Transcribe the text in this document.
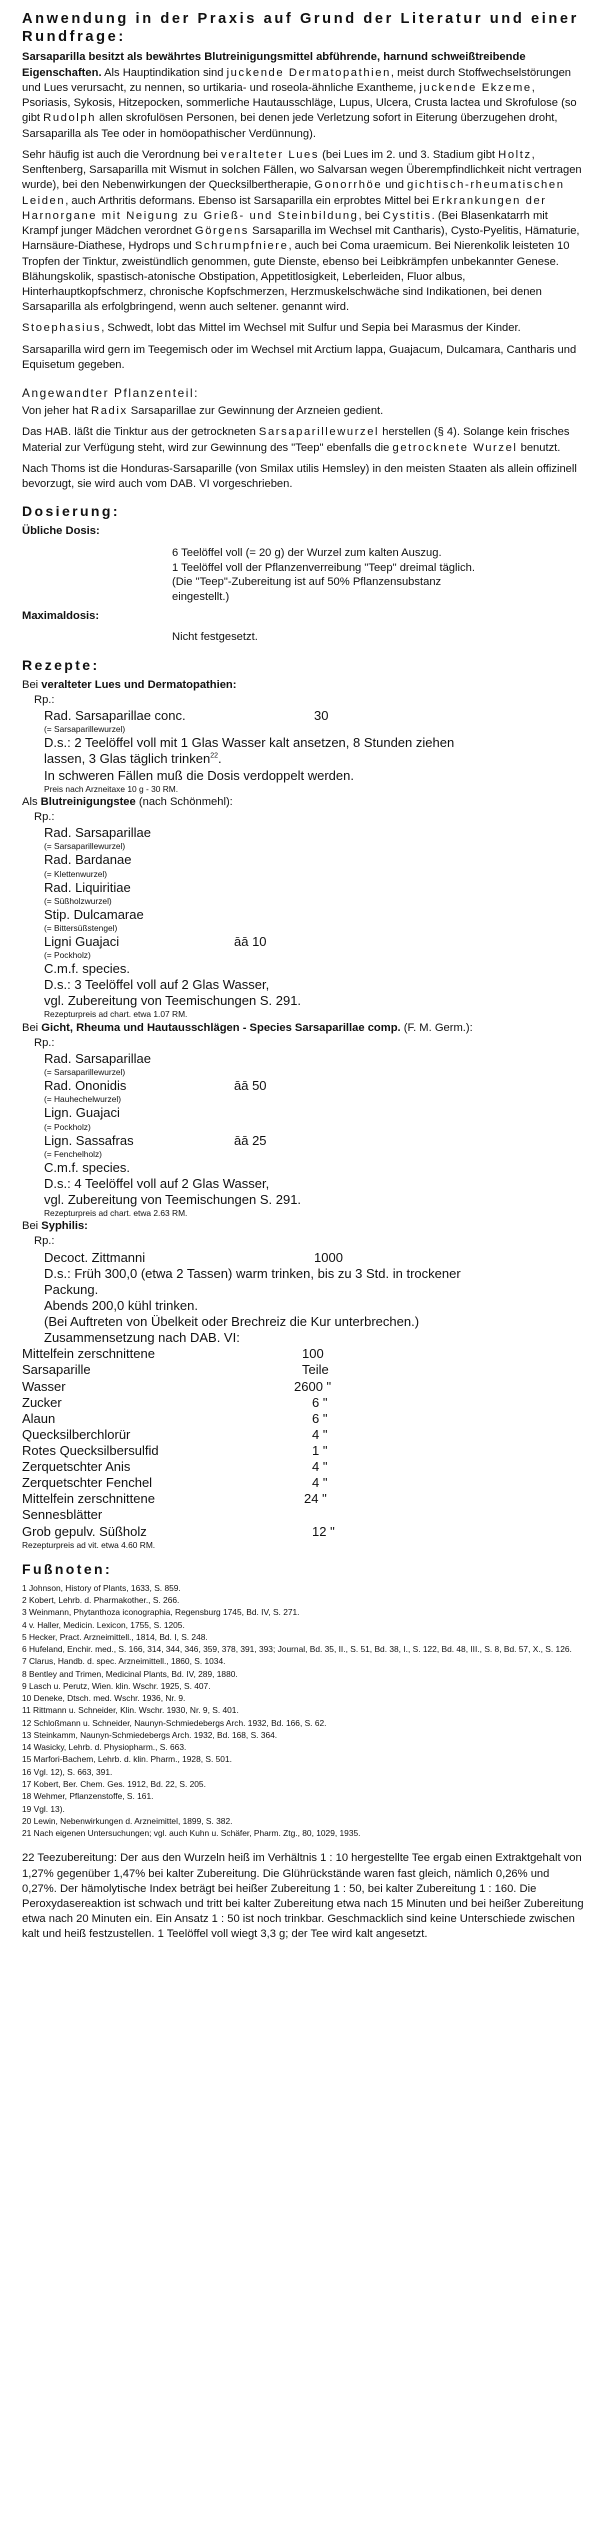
Anwendung in der Praxis auf Grund der Literatur und einer Rundfrage:

Sarsaparilla besitzt als bewährtes Blutreinigungsmittel abführende, harnund schweißtreibende Eigenschaften. Als Hauptindikation sind juckende Dermatopathien, meist durch Stoffwechselstörungen und Lues verursacht, zu nennen, so urtikaria- und roseola-ähnliche Exantheme, juckende Ekzeme, Psoriasis, Sykosis, Hitzepocken, sommerliche Hautausschläge, Lupus, Ulcera, Crusta lactea und Skrofulose (so gibt Rudolph allen skrofulösen Personen, bei denen jede Verletzung sofort in Eiterung überzugehen droht, Sarsaparilla als Tee oder in homöopathischer Verdünnung).

Sehr häufig ist auch die Verordnung bei veralteter Lues (bei Lues im 2. und 3. Stadium gibt Holtz, Senftenberg, Sarsaparilla mit Wismut in solchen Fällen, wo Salvarsan wegen Überempfindlichkeit nicht vertragen wurde), bei den Nebenwirkungen der Quecksilbertherapie, Gonorrhöe und gichtisch-rheumatischen Leiden, auch Arthritis deformans. Ebenso ist Sarsaparilla ein erprobtes Mittel bei Erkrankungen der Harnorgane mit Neigung zu Grieß- und Steinbildung, bei Cystitis. (Bei Blasenkatarrh mit Krampf junger Mädchen verordnet Görgens Sarsaparilla im Wechsel mit Cantharis), Cysto-Pyelitis, Hämaturie, Harnsäure-Diathese, Hydrops und Schrumpfniere, auch bei Coma uraemicum. Bei Nierenkolik leisteten 10 Tropfen der Tinktur, zweistündlich genommen, gute Dienste, ebenso bei Leibkrämpfen unbekannter Genese. Blähungskolik, spastisch-atonische Obstipation, Appetitlosigkeit, Leberleiden, Fluor albus, Hinterhauptkopfschmerz, chronische Kopfschmerzen, Herzmuskelschwäche sind Indikationen, bei denen Sarsaparilla als erfolgbringend, wenn auch seltener. genannt wird.

Stoephasius, Schwedt, lobt das Mittel im Wechsel mit Sulfur und Sepia bei Marasmus der Kinder.

Sarsaparilla wird gern im Teegemisch oder im Wechsel mit Arctium lappa, Guajacum, Dulcamara, Cantharis und Equisetum gegeben.

Angewandter Pflanzenteil:

Von jeher hat Radix Sarsaparillae zur Gewinnung der Arzneien gedient.

Das HAB. läßt die Tinktur aus der getrockneten Sarsaparillewurzel herstellen (§ 4). Solange kein frisches Material zur Verfügung steht, wird zur Gewinnung des "Teep" ebenfalls die getrocknete Wurzel benutzt.

Nach Thoms ist die Honduras-Sarsaparille (von Smilax utilis Hemsley) in den meisten Staaten als allein offizinell bevorzugt, sie wird auch vom DAB. VI vorgeschrieben.

Dosierung:
Übliche Dosis:
6 Teelöffel voll (= 20 g) der Wurzel zum kalten Auszug.
1 Teelöffel voll der Pflanzenverreibung "Teep" dreimal täglich.
(Die "Teep"-Zubereitung ist auf 50% Pflanzensubstanz
eingestellt.)
Maximaldosis:
Nicht festgesetzt.
Rezepte:
Bei veralteter Lues und Dermatopathien:
Rp.:
Rad. Sarsaparillae conc.	30
(= Sarsaparillewurzel)
D.s.: 2 Teelöffel voll mit 1 Glas Wasser kalt ansetzen, 8 Stunden ziehen
lassen, 3 Glas täglich trinken$^{22}$.
In schweren Fällen muß die Dosis verdoppelt werden.
Preis nach Arzneitaxe 10 g - 30 RM.
Als Blutreinigungstee (nach Schönmehl):
Rp.:
Rad. Sarsaparillae
(= Sarsaparillewurzel)
Rad. Bardanae
(= Klettenwurzel)
Rad. Liquiritiae
(= Süßholzwurzel)
Stip. Dulcamarae
(= Bittersüßstengel)
Ligni Guajaci	āā 10
(= Pockholz)
C.m.f. species.
D.s.: 3 Teelöffel voll auf 2 Glas Wasser,
vgl. Zubereitung von Teemischungen S. 291.
Rezepturpreis ad chart. etwa 1.07 RM.
Bei Gicht, Rheuma und Hautausschlägen - Species Sarsaparillae comp. (F. M. Germ.):
Rp.:
Rad. Sarsaparillae
(= Sarsaparillewurzel)
Rad. Ononidis	āā 50
(= Hauhechelwurzel)
Lign. Guajaci
(= Pockholz)
Lign. Sassafras	āā 25
(= Fenchelholz)
C.m.f. species.
D.s.: 4 Teelöffel voll auf 2 Glas Wasser,
vgl. Zubereitung von Teemischungen S. 291.
Rezepturpreis ad chart. etwa 2.63 RM.
Bei Syphilis:
Rp.:
Decoct. Zittmanni	1000
D.s.: Früh 300,0 (etwa 2 Tassen) warm trinken, bis zu 3 Std. in trockener
Packung.
Abends 200,0 kühl trinken.
(Bei Auftreten von Übelkeit oder Brechreiz die Kur unterbrechen.)
Zusammensetzung nach DAB. VI:
Mittelfein zerschnittene	100
Sarsaparille	Teile
Wasser	2600 "
Zucker	6 "
Alaun	6 "
Quecksilberchlorür	4 "
Rotes Quecksilbersulfid	1 "
Zerquetschter Anis	4 "
Zerquetschter Fenchel	4 "
Mittelfein zerschnittene	24 "
Sennesblätter
Grob gepulv. Süßholz	12 "
Rezepturpreis ad vit. etwa 4.60 RM.
Fußnoten:

1 Johnson, History of Plants, 1633, S. 859.

2 Kobert, Lehrb. d. Pharmakother., S. 266.

3 Weinmann, Phytanthoza iconographia, Regensburg 1745, Bd. IV, S. 271.

4 v. Haller, Medicin. Lexicon, 1755, S. 1205.

5 Hecker, Pract. Arzneimittell., 1814, Bd. I, S. 248.

6 Hufeland, Enchir. med., S. 166, 314, 344, 346, 359, 378, 391, 393; Journal, Bd. 35, II., S. 51, Bd. 38, I., S. 122, Bd. 48, III., S. 8, Bd. 57, X., S. 126.

7 Clarus, Handb. d. spec. Arzneimittell., 1860, S. 1034.

8 Bentley and Trimen, Medicinal Plants, Bd. IV, 289, 1880.

9 Lasch u. Perutz, Wien. klin. Wschr. 1925, S. 407.

10 Deneke, Dtsch. med. Wschr. 1936, Nr. 9.

11 Rittmann u. Schneider, Klin. Wschr. 1930, Nr. 9, S. 401.

12 Schloßmann u. Schneider, Naunyn-Schmiedebergs Arch. 1932, Bd. 166, S. 62.

13 Steinkamm, Naunyn-Schmiedebergs Arch. 1932, Bd. 168, S. 364.

14 Wasicky, Lehrb. d. Physiopharm., S. 663.

15 Marfori-Bachem, Lehrb. d. klin. Pharm., 1928, S. 501.

16 Vgl. 12), S. 663, 391.

17 Kobert, Ber. Chem. Ges. 1912, Bd. 22, S. 205.

18 Wehmer, Pflanzenstoffe, S. 161.

19 Vgl. 13).

20 Lewin, Nebenwirkungen d. Arzneimittel, 1899, S. 382.

21 Nach eigenen Untersuchungen; vgl. auch Kuhn u. Schäfer, Pharm. Ztg., 80, 1029, 1935.

22 Teezubereitung: Der aus den Wurzeln heiß im Verhältnis 1 : 10 hergestellte Tee ergab einen Extraktgehalt von 1,27% gegenüber 1,47% bei kalter Zubereitung. Die Glührückstände waren fast gleich, nämlich 0,26% und 0,27%. Der hämolytische Index beträgt bei heißer Zubereitung 1 : 50, bei kalter Zubereitung 1 : 160. Die Peroxydasereaktion ist schwach und tritt bei kalter Zubereitung etwa nach 15 Minuten und bei heißer Zubereitung etwa nach 20 Minuten ein. Ein Ansatz 1 : 50 ist noch trinkbar. Geschmacklich sind keine Unterschiede zwischen kalt und heiß festzustellen. 1 Teelöffel voll wiegt 3,3 g; der Tee wird kalt angesetzt.
